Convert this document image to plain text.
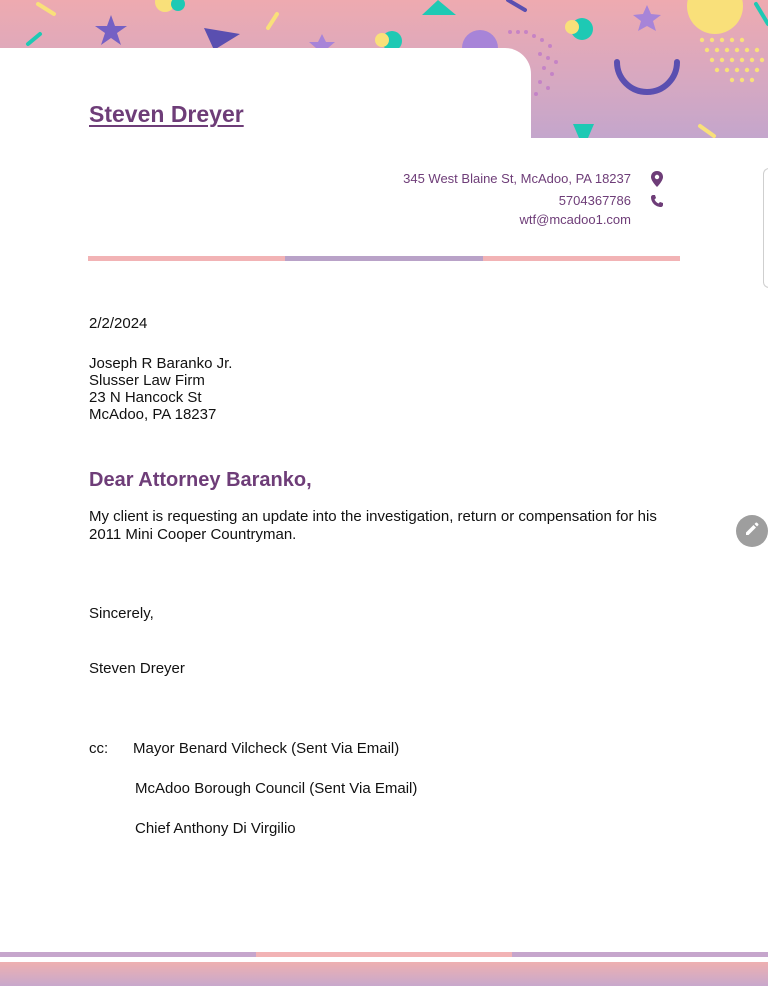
Steven Dreyer
345 West Blaine St, McAdoo, PA 18237
5704367786
wtf@mcadoo1.com
2/2/2024
Joseph R Baranko Jr.
Slusser Law Firm
23 N Hancock St
McAdoo, PA 18237
Dear Attorney Baranko,
My client is requesting an update into the investigation, return or compensation for his 2011 Mini Cooper Countryman.
Sincerely,
Steven Dreyer
cc: Mayor Benard Vilcheck (Sent Via Email)
McAdoo Borough Council (Sent Via Email)
Chief Anthony Di Virgilio
